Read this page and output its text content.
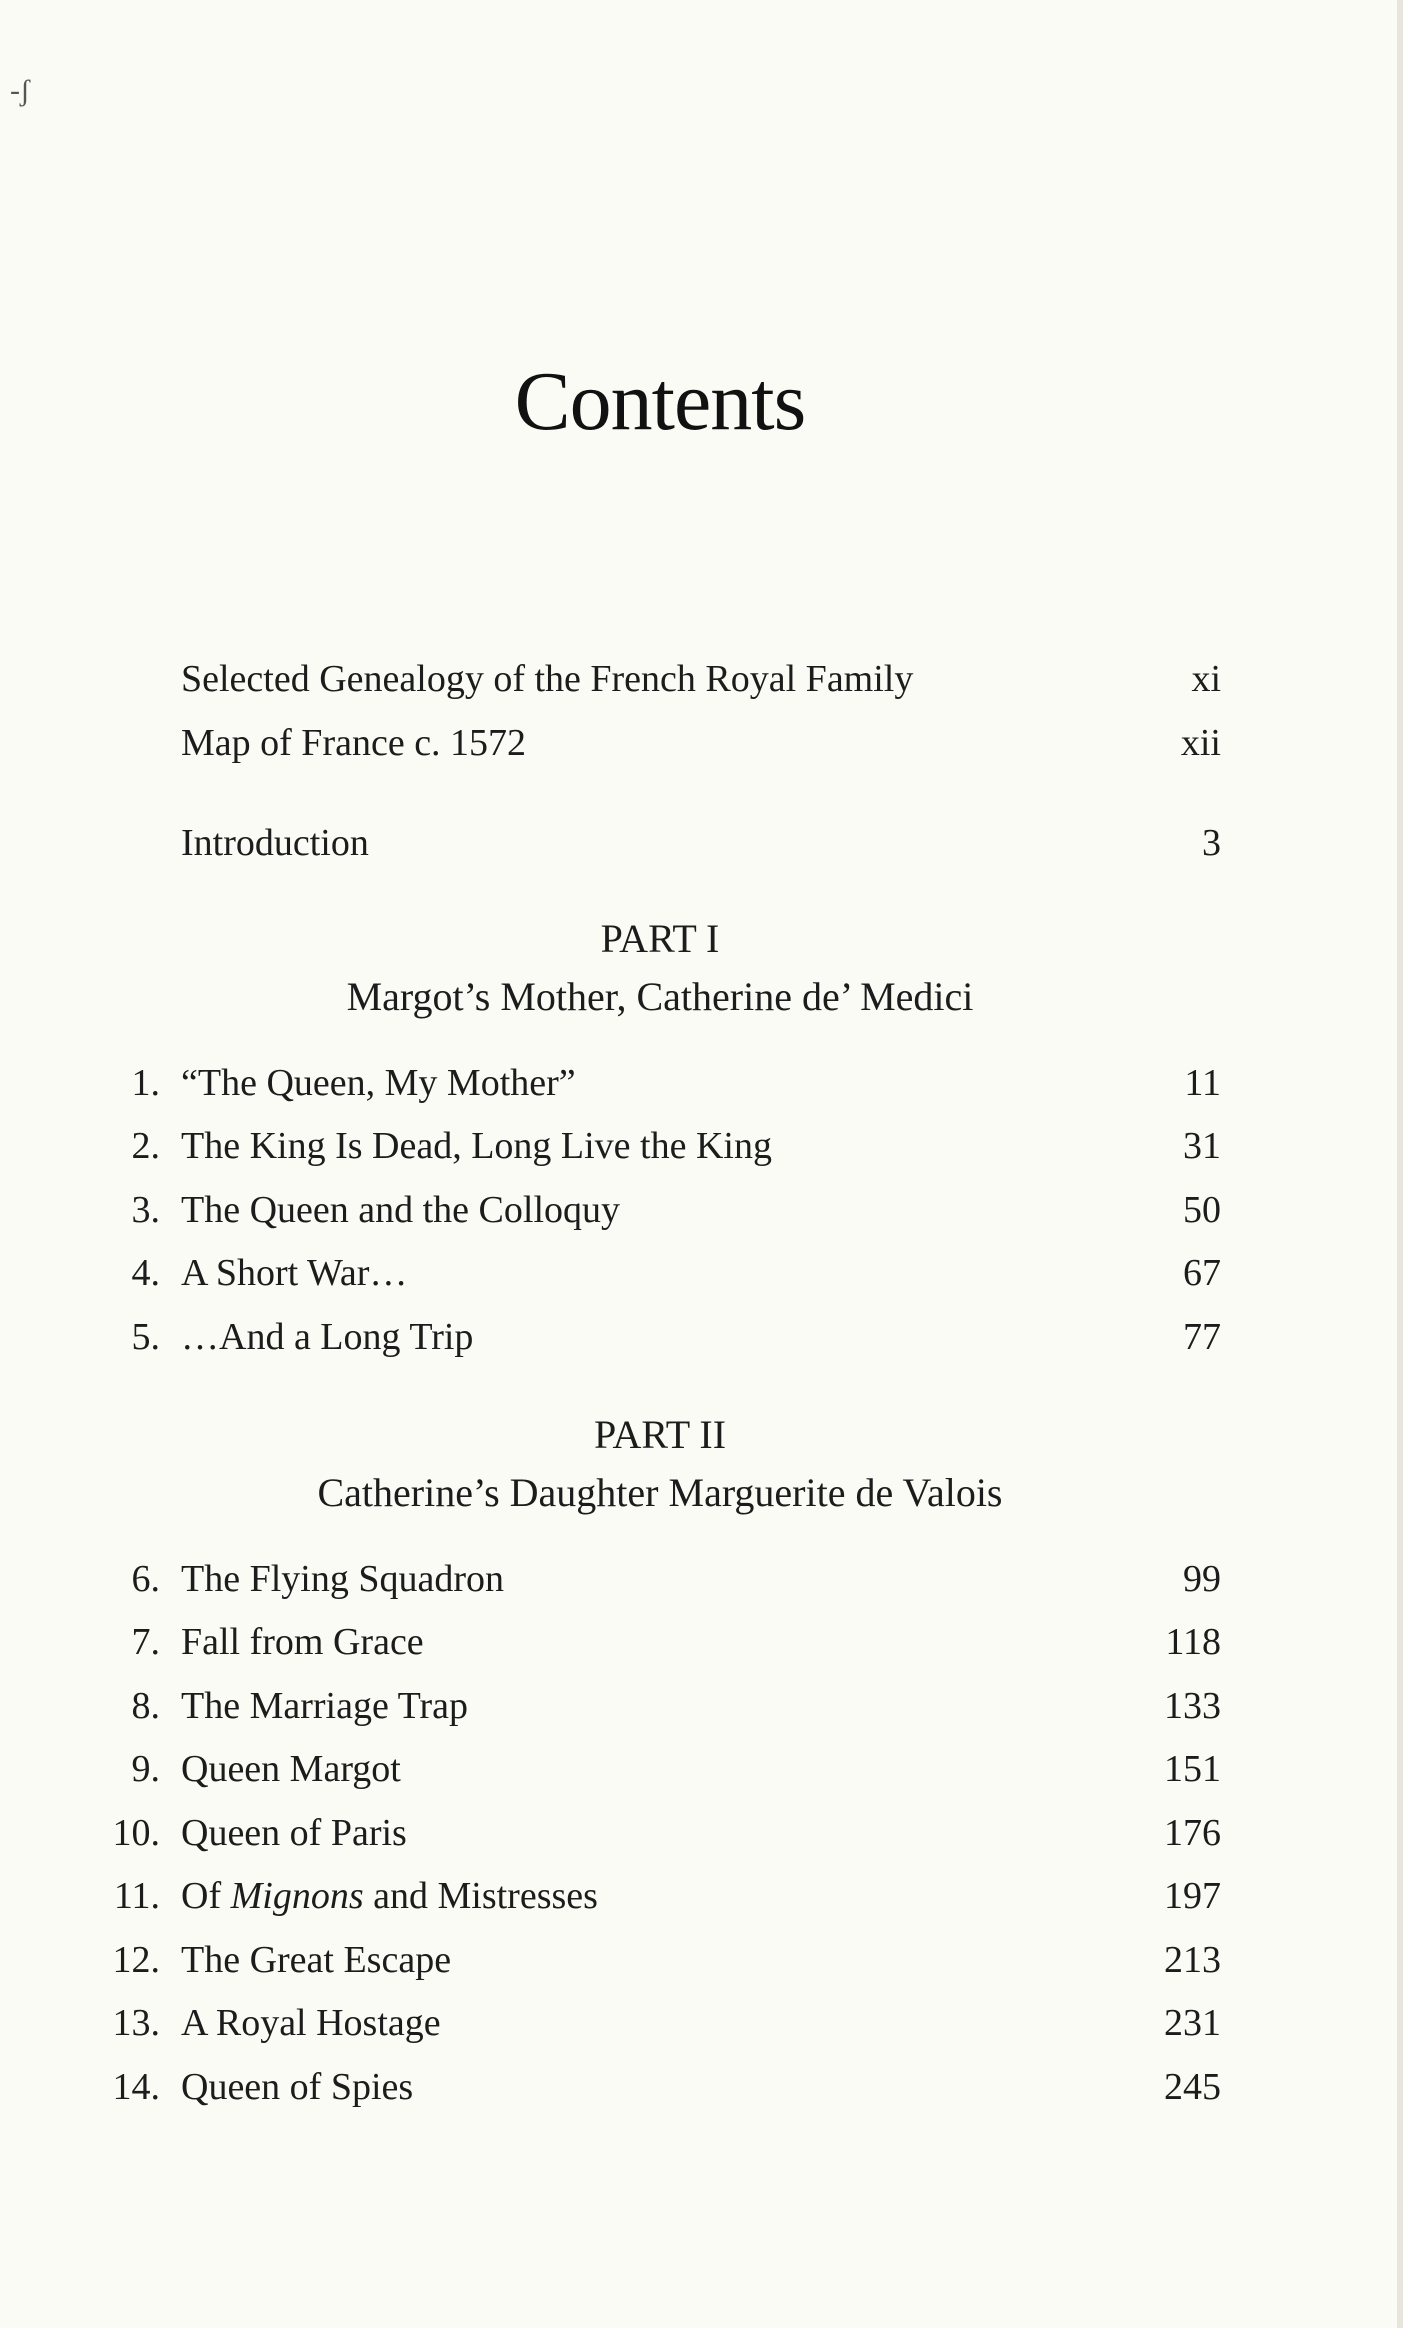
-ʃ
Contents
Selected Genealogy of the French Royal Family	xi
Map of France c. 1572	xii
Introduction	3
PART I
Margot’s Mother, Catherine de’ Medici
1. “The Queen, My Mother”	11
2. The King Is Dead, Long Live the King	31
3. The Queen and the Colloquy	50
4. A Short War…	67
5. …And a Long Trip	77
PART II
Catherine’s Daughter Marguerite de Valois
6. The Flying Squadron	99
7. Fall from Grace	118
8. The Marriage Trap	133
9. Queen Margot	151
10. Queen of Paris	176
11. Of Mignons and Mistresses	197
12. The Great Escape	213
13. A Royal Hostage	231
14. Queen of Spies	245
